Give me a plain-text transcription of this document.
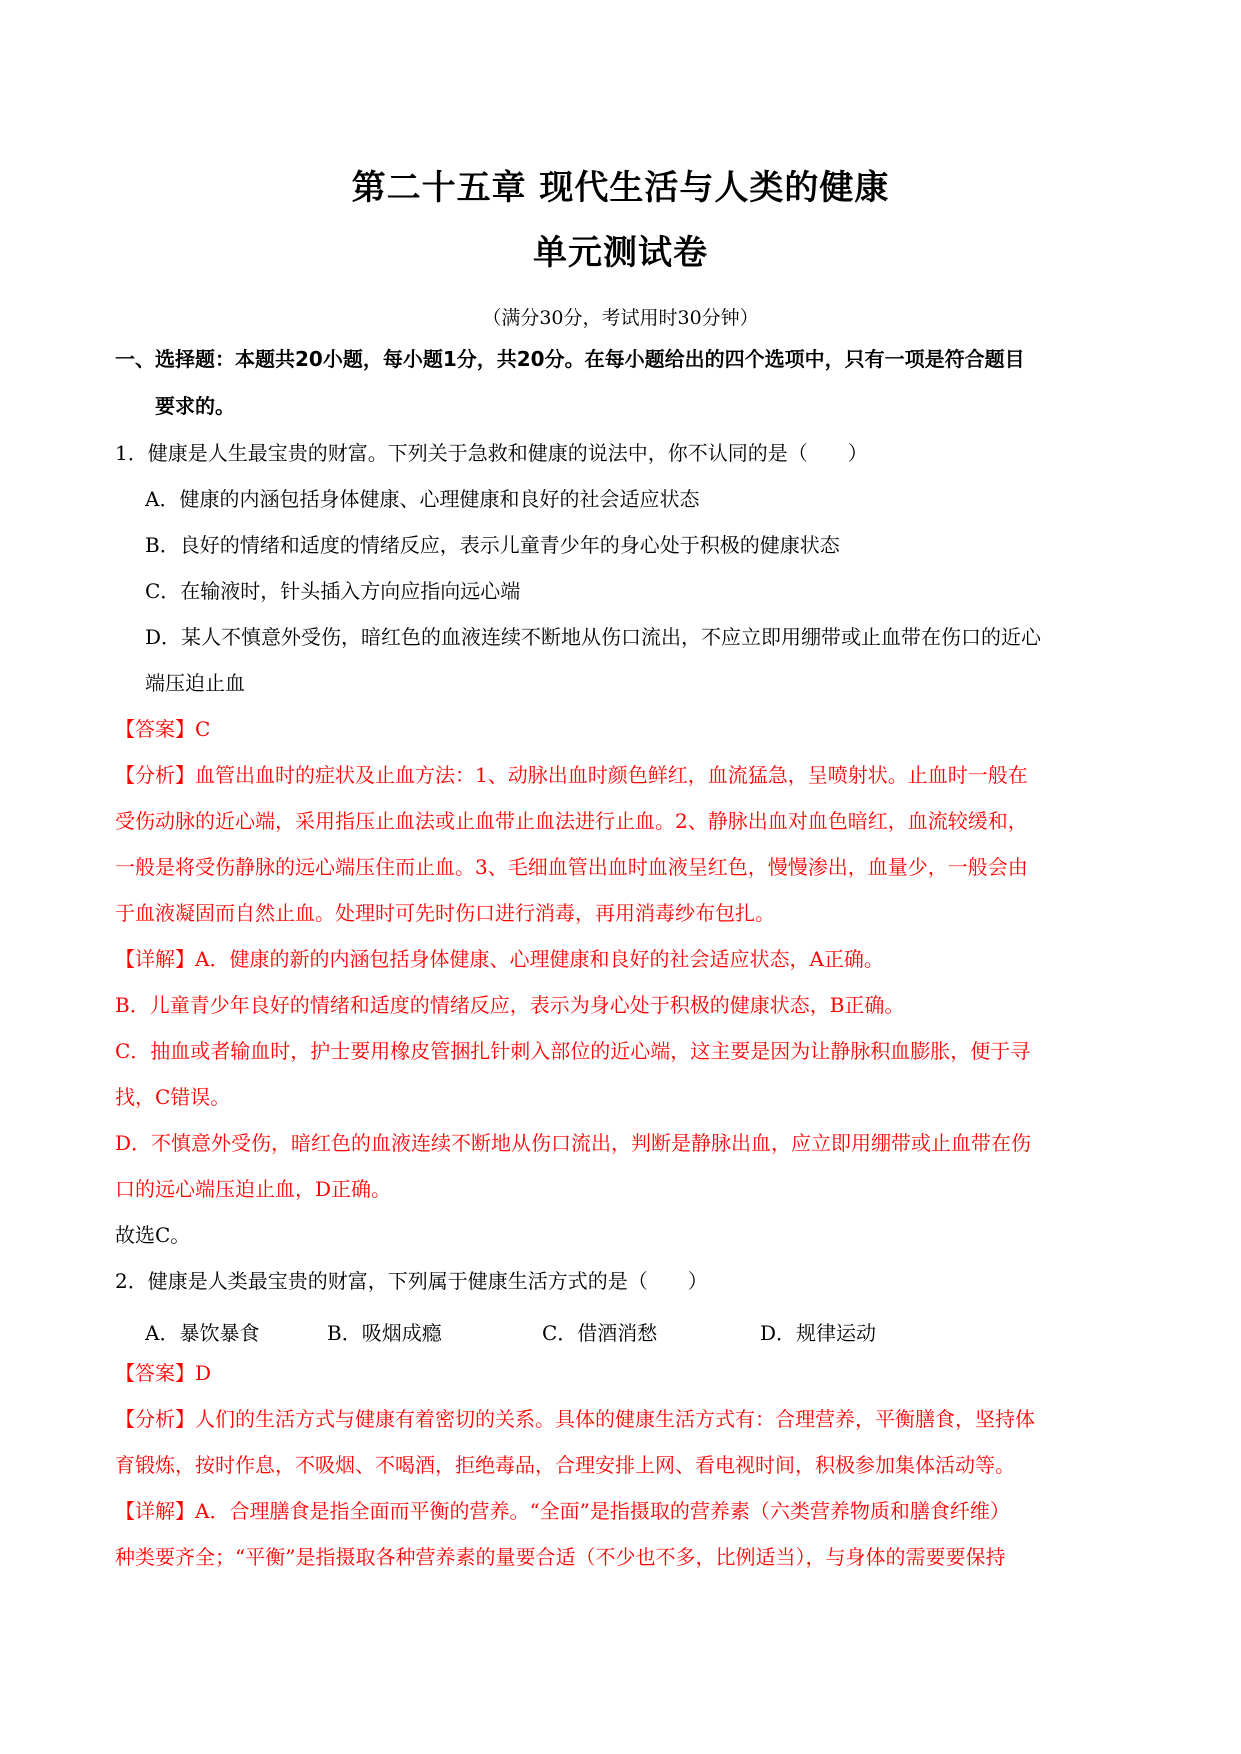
第二十五章 现代生活与人类的健康
单元测试卷
（满分30分，考试用时30分钟）
一、选择题：本题共20小题，每小题1分，共20分。在每小题给出的四个选项中，只有一项是符合题目
要求的。
1．健康是人生最宝贵的财富。下列关于急救和健康的说法中，你不认同的是（　　）
A．健康的内涵包括身体健康、心理健康和良好的社会适应状态
B．良好的情绪和适度的情绪反应，表示儿童青少年的身心处于积极的健康状态
C．在输液时，针头插入方向应指向远心端
D．某人不慎意外受伤，暗红色的血液连续不断地从伤口流出，不应立即用绷带或止血带在伤口的近心
端压迫止血
【答案】C
【分析】血管出血时的症状及止血方法：1、动脉出血时颜色鲜红，血流猛急，呈喷射状。止血时一般在
受伤动脉的近心端，采用指压止血法或止血带止血法进行止血。2、静脉出血对血色暗红，血流较缓和，
一般是将受伤静脉的远心端压住而止血。3、毛细血管出血时血液呈红色，慢慢渗出，血量少，一般会由
于血液凝固而自然止血。处理时可先时伤口进行消毒，再用消毒纱布包扎。
【详解】A．健康的新的内涵包括身体健康、心理健康和良好的社会适应状态，A正确。
B．儿童青少年良好的情绪和适度的情绪反应，表示为身心处于积极的健康状态，B正确。
C．抽血或者输血时，护士要用橡皮管捆扎针刺入部位的近心端，这主要是因为让静脉积血膨胀，便于寻
找，C错误。
D．不慎意外受伤，暗红色的血液连续不断地从伤口流出，判断是静脉出血，应立即用绷带或止血带在伤
口的远心端压迫止血，D正确。
故选C。
2．健康是人类最宝贵的财富，下列属于健康生活方式的是（　　）
A．暴饮暴食	B．吸烟成瘾	C．借酒消愁	D．规律运动
【答案】D
【分析】人们的生活方式与健康有着密切的关系。具体的健康生活方式有：合理营养，平衡膳食，坚持体
育锻炼，按时作息，不吸烟、不喝酒，拒绝毒品，合理安排上网、看电视时间，积极参加集体活动等。
【详解】A．合理膳食是指全面而平衡的营养。“全面”是指摄取的营养素（六类营养物质和膳食纤维）
种类要齐全；“平衡”是指摄取各种营养素的量要合适（不少也不多，比例适当），与身体的需要要保持
